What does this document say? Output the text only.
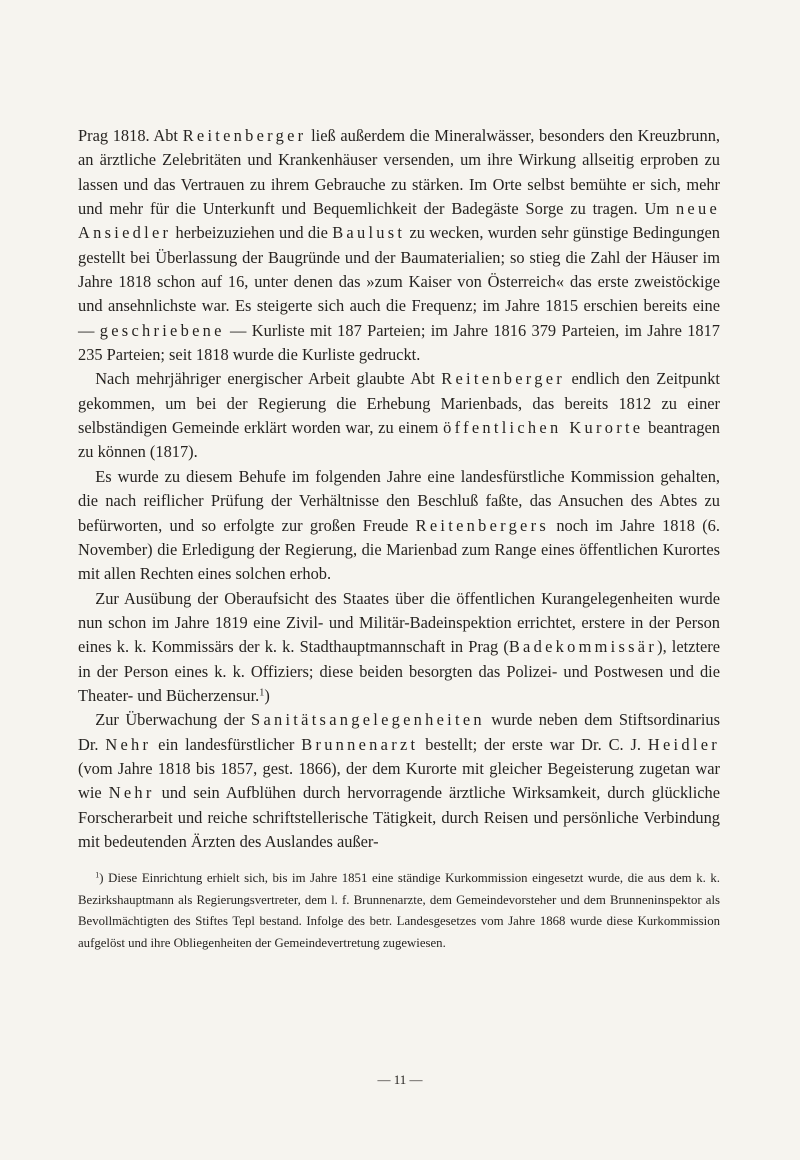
Prag 1818. Abt Reitenberger ließ außerdem die Mineralwässer, besonders den Kreuzbrunn, an ärztliche Zelebritäten und Krankenhäuser versenden, um ihre Wirkung allseitig erproben zu lassen und das Vertrauen zu ihrem Gebrauche zu stärken. Im Orte selbst bemühte er sich, mehr und mehr für die Unterkunft und Bequemlichkeit der Badegäste Sorge zu tragen. Um neue Ansiedler herbeizuziehen und die Baulust zu wecken, wurden sehr günstige Bedingungen gestellt bei Überlassung der Baugründe und der Baumaterialien; so stieg die Zahl der Häuser im Jahre 1818 schon auf 16, unter denen das »zum Kaiser von Österreich« das erste zweistöckige und ansehnlichste war. Es steigerte sich auch die Frequenz; im Jahre 1815 erschien bereits eine — geschriebene — Kurliste mit 187 Parteien; im Jahre 1816 379 Parteien, im Jahre 1817 235 Parteien; seit 1818 wurde die Kurliste gedruckt.

Nach mehrjähriger energischer Arbeit glaubte Abt Reitenberger endlich den Zeitpunkt gekommen, um bei der Regierung die Erhebung Marienbads, das bereits 1812 zu einer selbständigen Gemeinde erklärt worden war, zu einem öffentlichen Kurorte beantragen zu können (1817).

Es wurde zu diesem Behufe im folgenden Jahre eine landesfürstliche Kommission gehalten, die nach reiflicher Prüfung der Verhältnisse den Beschluß faßte, das Ansuchen des Abtes zu befürworten, und so erfolgte zur großen Freude Reitenbergers noch im Jahre 1818 (6. November) die Erledigung der Regierung, die Marienbad zum Range eines öffentlichen Kurortes mit allen Rechten eines solchen erhob.

Zur Ausübung der Oberaufsicht des Staates über die öffentlichen Kurangelegenheiten wurde nun schon im Jahre 1819 eine Zivil- und Militär-Badeinspektion errichtet, erstere in der Person eines k. k. Kommissärs der k. k. Stadthauptmannschaft in Prag (Badekommissär), letztere in der Person eines k. k. Offiziers; diese beiden besorgten das Polizei- und Postwesen und die Theater- und Bücherzensur.$^1$)

Zur Überwachung der Sanitätsangelegenheiten wurde neben dem Stiftsordinarius Dr. Nehr ein landesfürstlicher Brunnenarzt bestellt; der erste war Dr. C. J. Heidler (vom Jahre 1818 bis 1857, gest. 1866), der dem Kurorte mit gleicher Begeisterung zugetan war wie Nehr und sein Aufblühen durch hervorragende ärztliche Wirksamkeit, durch glückliche Forscherarbeit und reiche schriftstellerische Tätigkeit, durch Reisen und persönliche Verbindung mit bedeutenden Ärzten des Auslandes außer-

$^1$) Diese Einrichtung erhielt sich, bis im Jahre 1851 eine ständige Kurkommission eingesetzt wurde, die aus dem k. k. Bezirkshauptmann als Regierungsvertreter, dem l. f. Brunnenarzte, dem Gemeindevorsteher und dem Brunneninspektor als Bevollmächtigten des Stiftes Tepl bestand. Infolge des betr. Landesgesetzes vom Jahre 1868 wurde diese Kurkommission aufgelöst und ihre Obliegenheiten der Gemeindevertretung zugewiesen.

— 11 —
